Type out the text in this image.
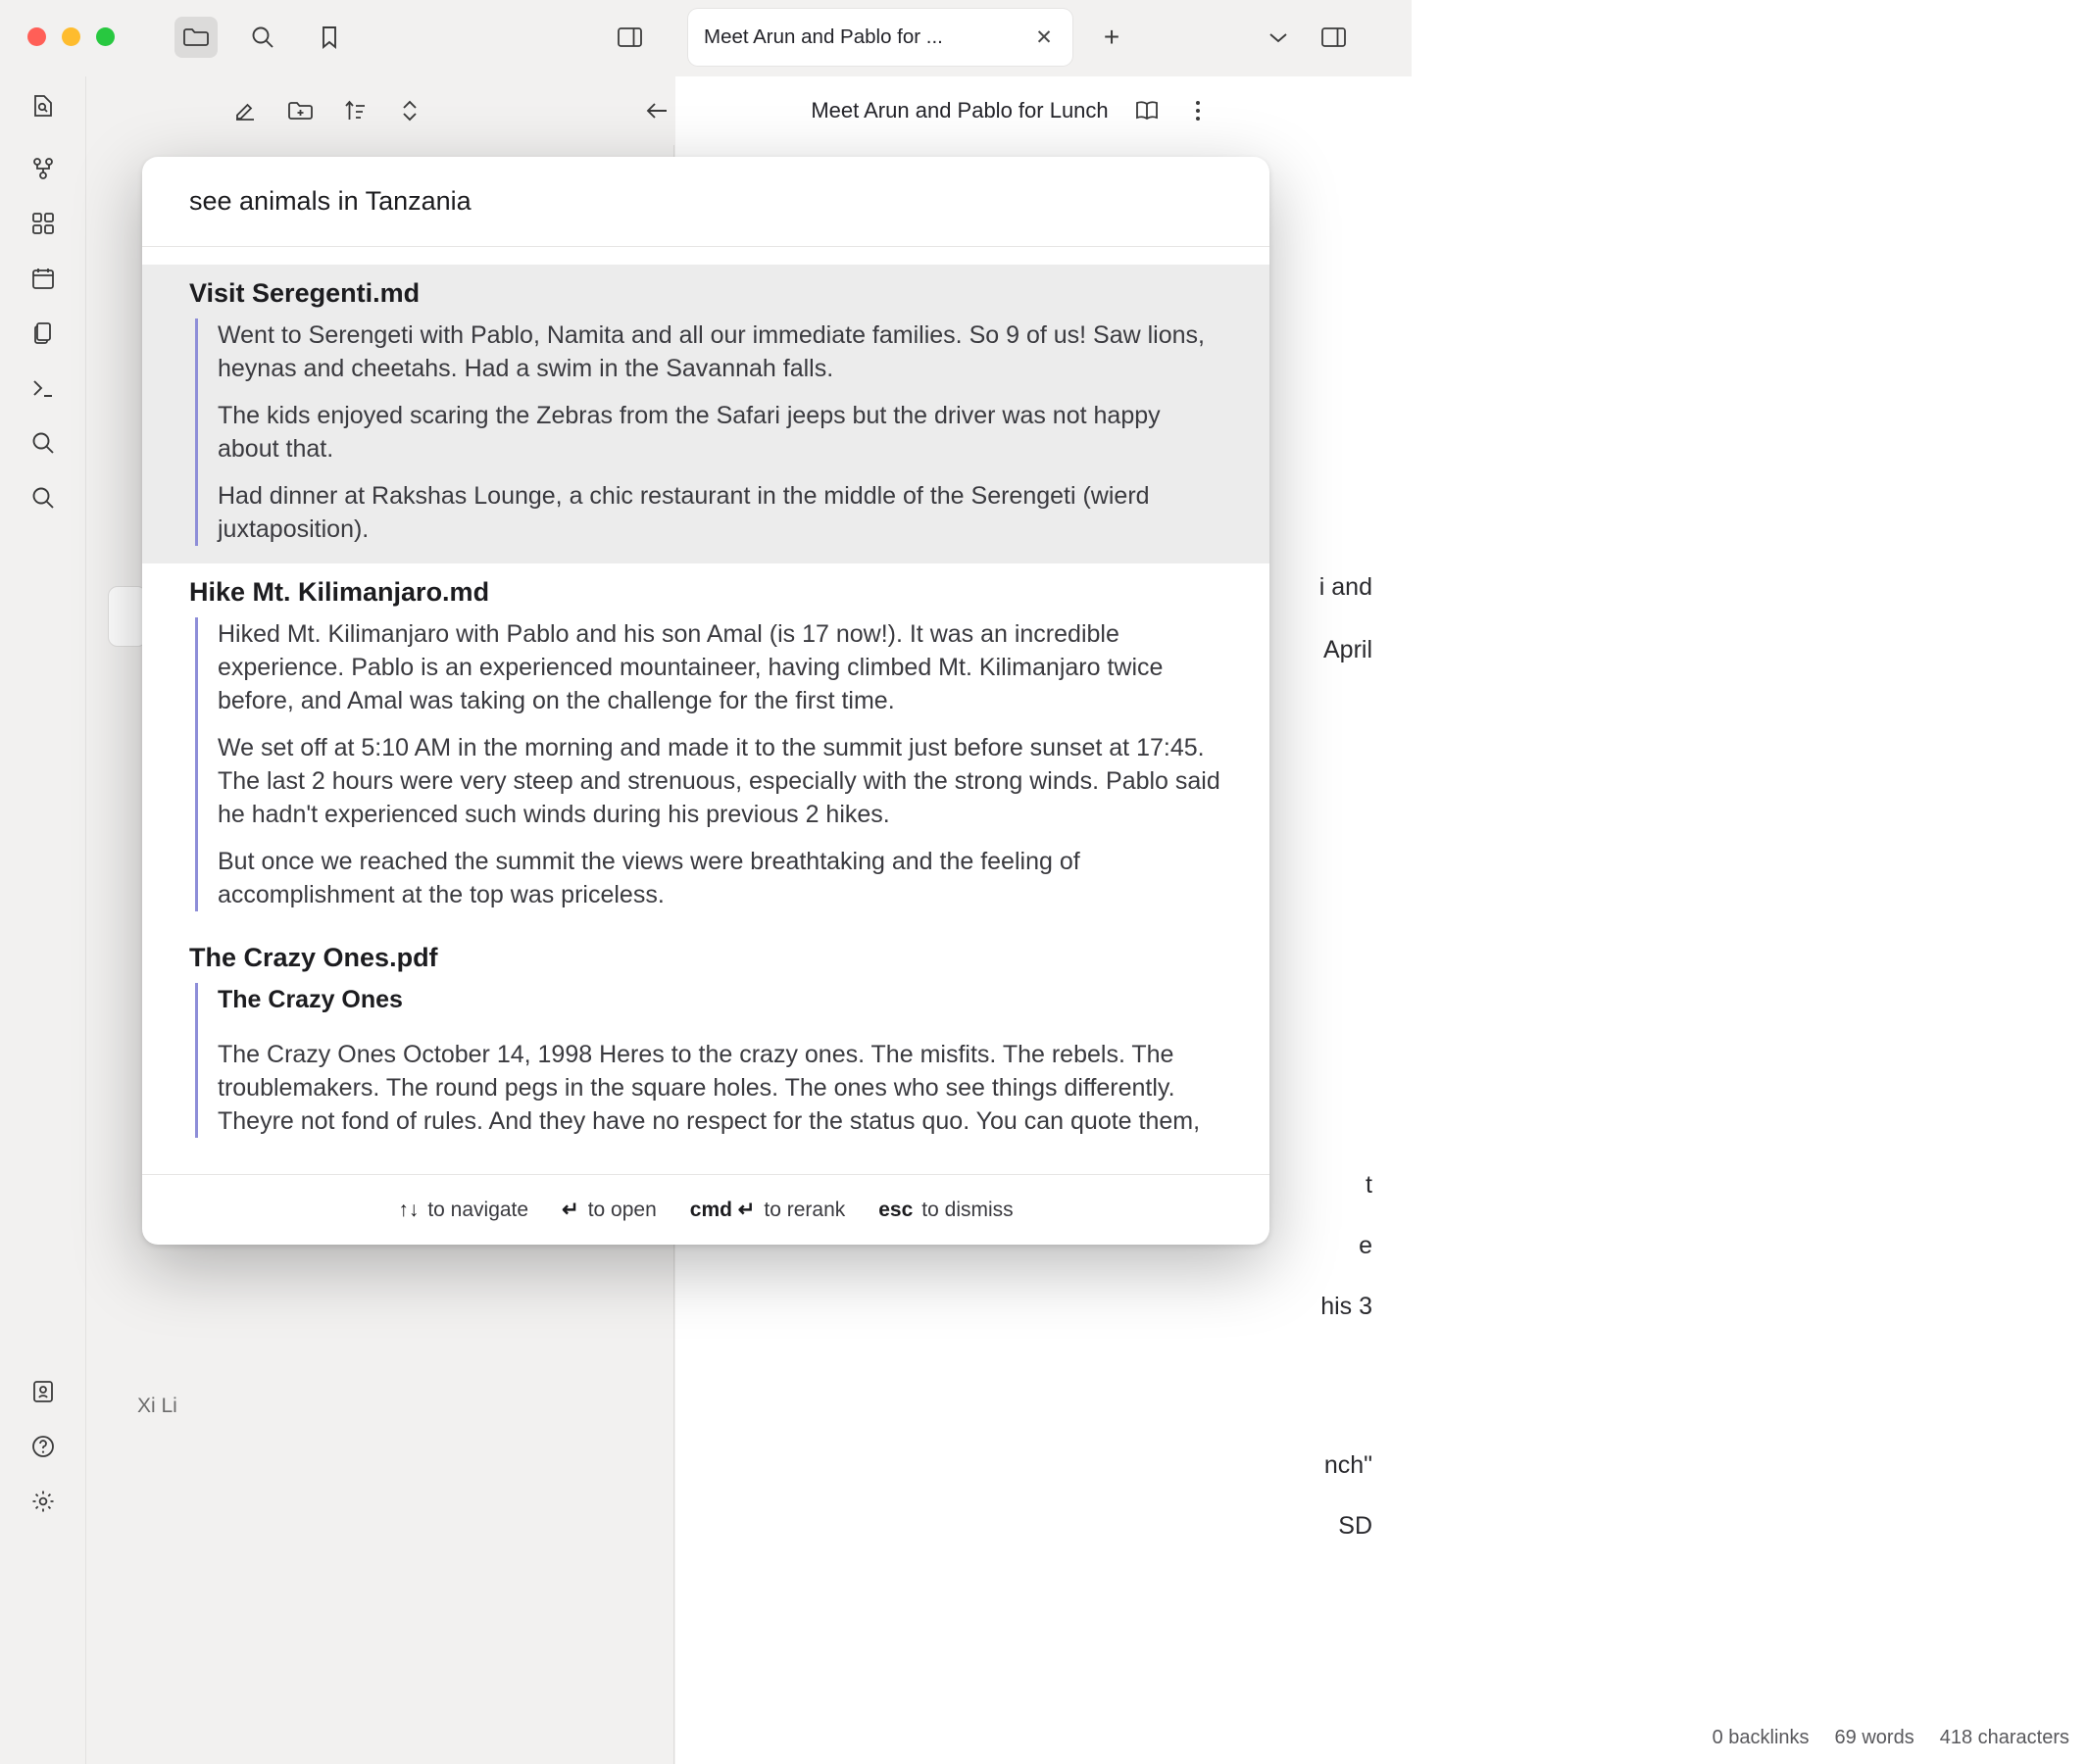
Meet Arun and Pablo for ...	✕	+
Xi Li
Meet Arun and Pablo for Lunch

i and

April

t

e

his 3

nch"

SD

0 backlinks 69 words 418 characters
see animals in Tanzania
Visit Seregenti.md

Went to Serengeti with Pablo, Namita and all our immediate families. So 9 of us! Saw lions, heynas and cheetahs. Had a swim in the Savannah falls.

The kids enjoyed scaring the Zebras from the Safari jeeps but the driver was not happy about that.

Had dinner at Rakshas Lounge, a chic restaurant in the middle of the Serengeti (wierd juxtaposition).

Hike Mt. Kilimanjaro.md

Hiked Mt. Kilimanjaro with Pablo and his son Amal (is 17 now!). It was an incredible experience. Pablo is an experienced mountaineer, having climbed Mt. Kilimanjaro twice before, and Amal was taking on the challenge for the first time.

We set off at 5:10 AM in the morning and made it to the summit just before sunset at 17:45. The last 2 hours were very steep and strenuous, especially with the strong winds. Pablo said he hadn't experienced such winds during his previous 2 hikes.

But once we reached the summit the views were breathtaking and the feeling of accomplishment at the top was priceless.

The Crazy Ones.pdf

The Crazy Ones

The Crazy Ones October 14, 1998 Heres to the crazy ones. The misfits. The rebels. The troublemakers. The round pegs in the square holes. The ones who see things differently. Theyre not fond of rules. And they have no respect for the status quo. You can quote them,

↑↓ to navigate ↵ to open cmd ↵ to rerank esc to dismiss
